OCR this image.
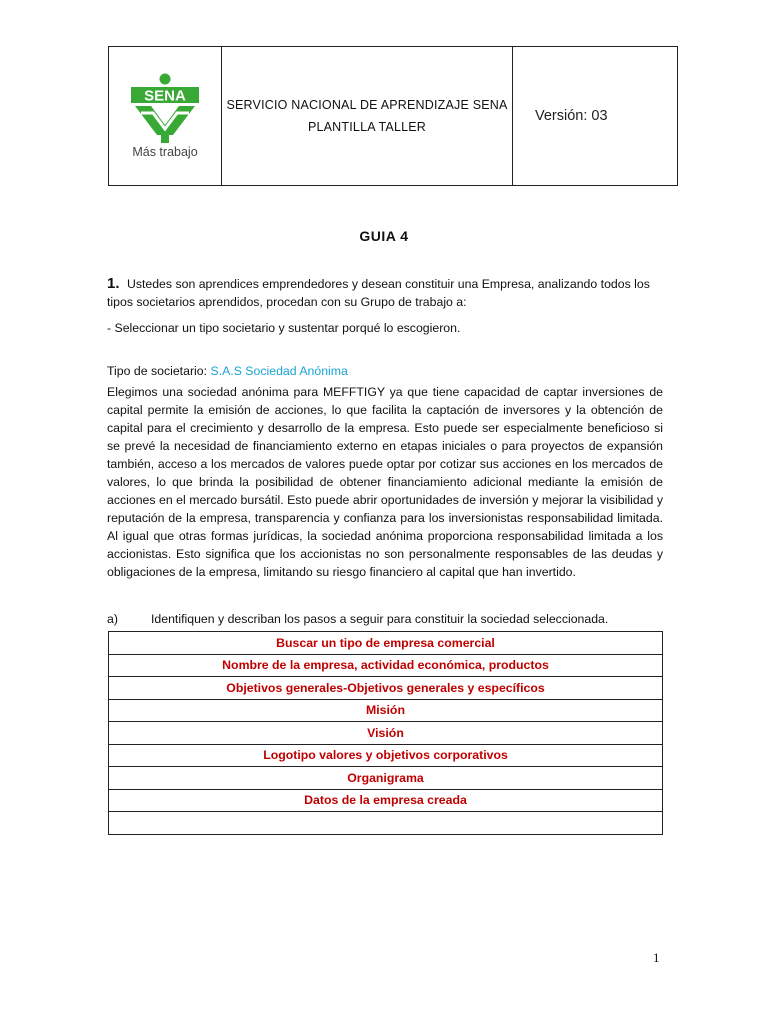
SENA
Más trabajo

SERVICIO NACIONAL DE APRENDIZAJE SENA
PLANTILLA TALLER
	Versión: 03
GUIA 4
1. Ustedes son aprendices emprendedores y desean constituir una Empresa, analizando todos los
tipos societarios aprendidos, procedan con su Grupo de trabajo a:
- Seleccionar un tipo societario y sustentar porqué lo escogieron.
Tipo de societario: S.A.S Sociedad Anónima
Elegimos una sociedad anónima para MEFFTIGY ya que tiene capacidad de captar inversiones de capital permite la emisión de acciones, lo que facilita la captación de inversores y la obtención de capital para el crecimiento y desarrollo de la empresa. Esto puede ser especialmente beneficioso si se prevé la necesidad de financiamiento externo en etapas iniciales o para proyectos de expansión también, acceso a los mercados de valores puede optar por cotizar sus acciones en los mercados de valores, lo que brinda la posibilidad de obtener financiamiento adicional mediante la emisión de acciones en el mercado bursátil. Esto puede abrir oportunidades de inversión y mejorar la visibilidad y reputación de la empresa, transparencia y confianza para los inversionistas responsabilidad limitada. Al igual que otras formas jurídicas, la sociedad anónima proporciona responsabilidad limitada a los accionistas. Esto significa que los accionistas no son personalmente responsables de las deudas y obligaciones de la empresa, limitando su riesgo financiero al capital que han invertido.
a)	Identifiquen y describan los pasos a seguir para constituir la sociedad seleccionada.
Buscar un tipo de empresa comercial
Nombre de la empresa, actividad económica, productos
Objetivos generales-Objetivos generales y específicos
Misión
Visión
Logotipo valores y objetivos corporativos
Organigrama
Datos de la empresa creada

1
